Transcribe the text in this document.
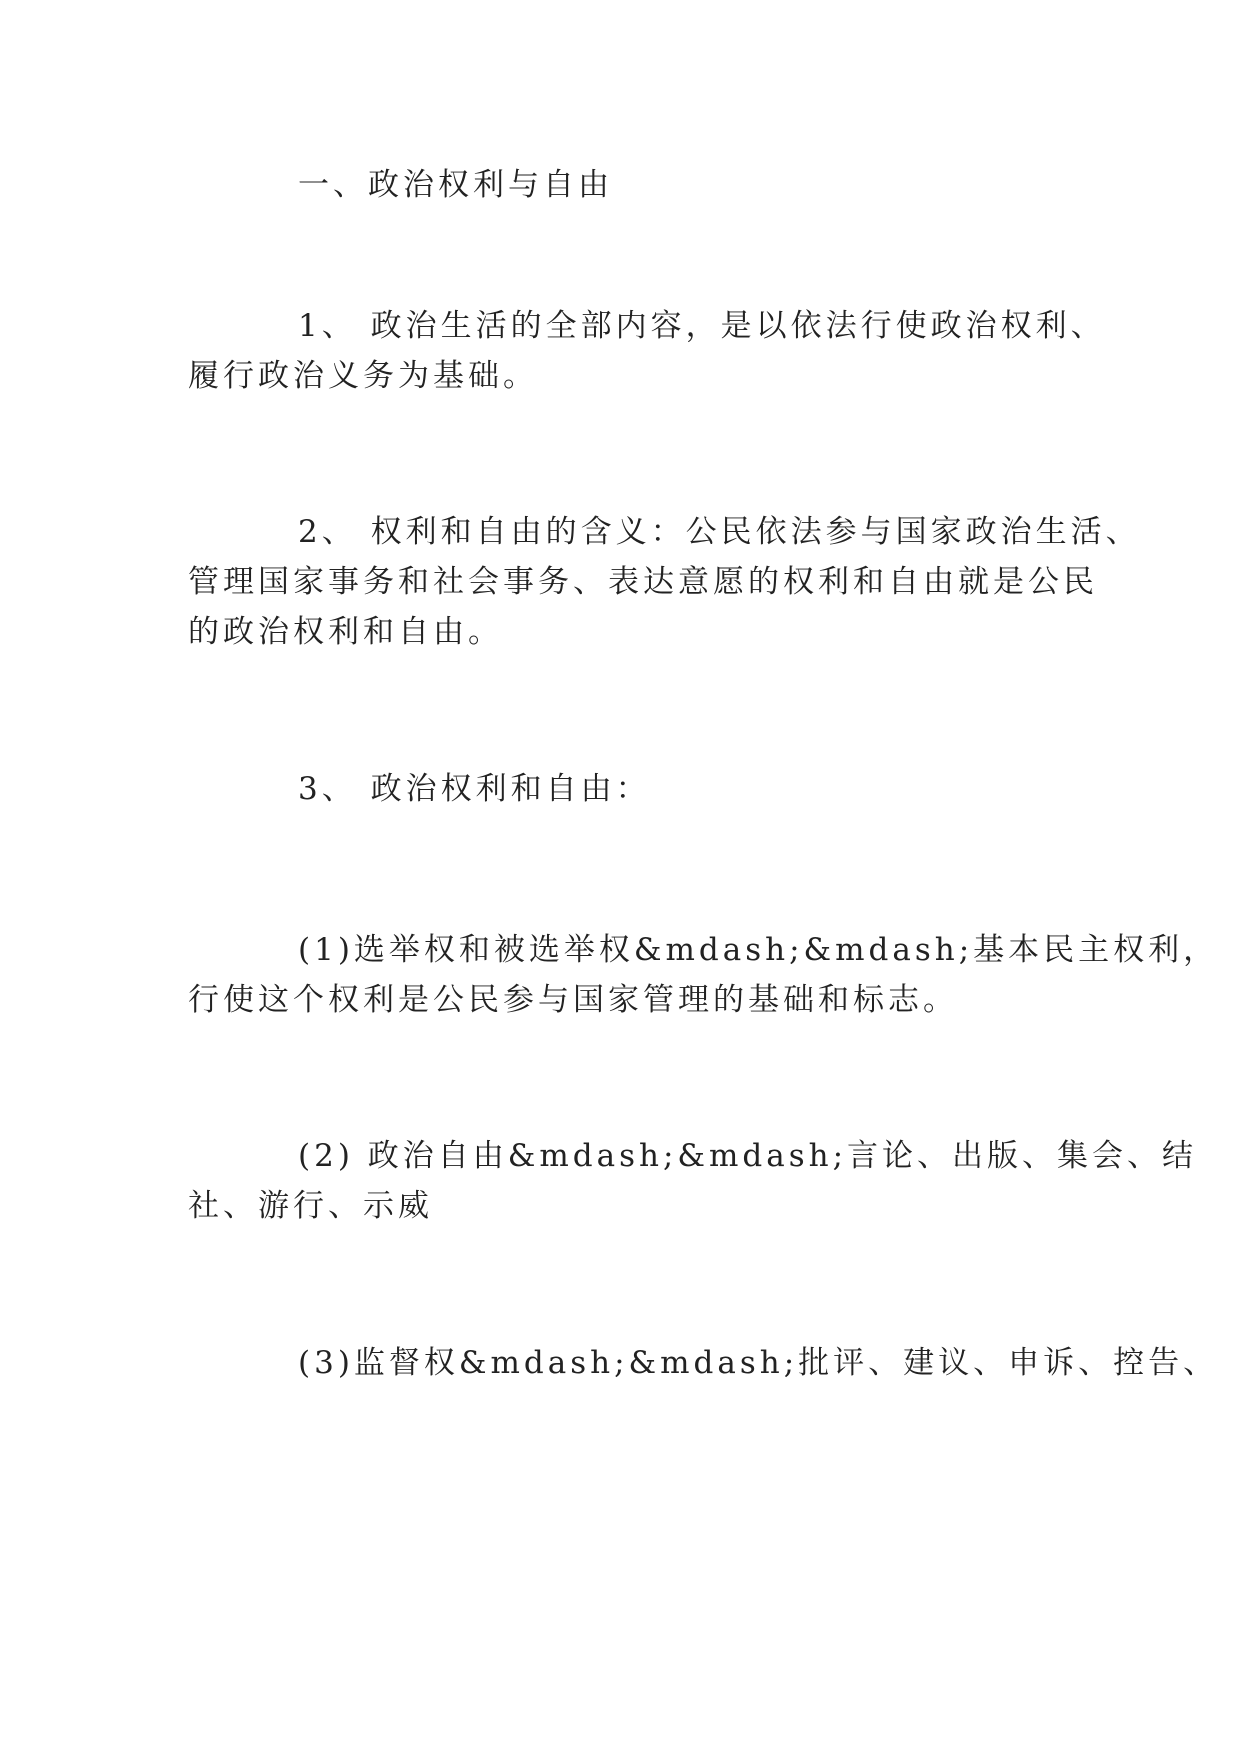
一、政治权利与自由
1、 政治生活的全部内容，是以依法行使政治权利、
履行政治义务为基础。
2、 权利和自由的含义：公民依法参与国家政治生活、
管理国家事务和社会事务、表达意愿的权利和自由就是公民
的政治权利和自由。
3、 政治权利和自由：
(1)选举权和被选举权&mdash;&mdash;基本民主权利，
行使这个权利是公民参与国家管理的基础和标志。
(2) 政治自由&mdash;&mdash;言论、出版、集会、结
社、游行、示威
(3)监督权&mdash;&mdash;批评、建议、申诉、控告、
